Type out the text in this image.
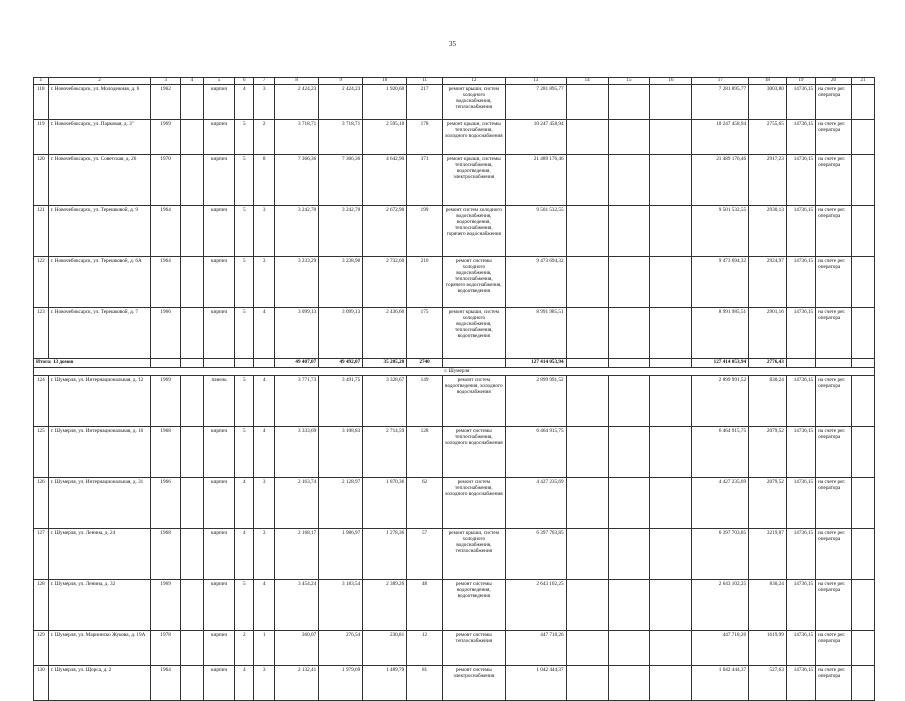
35
1	2	3	4	5	6	7	8	9	10	11	12	13	14	15	16	17	18	19	20	21
118	г. Новочебоксарск, ул. Молодежная, д. 6	1962		кирпич	4	3	2 424,23	2 424,23	1 920,60	217	ремонт крыши, систем холодного водоснабжения, теплоснабжения	7 281 895,77				7 281 895,77	3003,80	14736,15	на счете рег. оператора	
119	г. Новочебоксарск, ул. Парковая, д. 3"	1969		кирпич	5	2	3 718,71	3 718,71	2 595,10	178	ремонт крыши, системы теплоснабжения, холодного водоснабжения	10 247 458,94				10 247 458,94	2755,65	14736,15	на счете рег. оператора	
120	г. Новочебоксарск, ул. Советская, д. 26	1970		кирпич	5	8	7 366,36	7 366,36	4 642,90	371	ремонт крыши, системы теплоснабжения, водоотведения, электроснабжения	21 489 176,46				21 489 176,46	2917,23	14736,15	на счете рег. оператора	
121	г. Новочебоксарск, ул. Терешковой, д. 9	1964		кирпич	5	3	3 242,70	3 242,70	2 672,90	199	ремонт систем холодного водоснабжения, водоотведения, теплоснабжения, горячего водоснабжения	9 501 532,55				9 501 532,55	2930,13	14736,15	на счете рег. оператора	
122	г. Новочебоксарск, ул. Терешковой, д. 6А	1964		кирпич	5	3	3 233,29	3 238,90	2 732,60	210	ремонт системы холодного водоснабжения, теплоснабжения, горячего водоснабжения, водоотведения	9 473 694,32				9 473 694,32	2924,97	14736,15	на счете рег. оператора	
123	г. Новочебоксарск, ул. Терешковой, д. 7	1966		кирпич	5	4	3 099,13	3 099,13	2 436,60	175	ремонт крыши, систем холодного водоснабжения, теплоснабжения, водоотведения	8 991 985,51				8 991 985,51	2901,16	14736,15	на счете рег. оператора	
Итого: 13 домов							49 407,07	49 492,07	35 205,20	2740		127 414 053,94				127 414 053,94	2776,43			
											г. Шумерля									
124	г. Шумерля, ул. Интернациональная, д. 12	1969		панель	5	4	3 771,73	3 491,75	3 328,67	149	ремонт систем водоотведения, холодного водоснабжения	2 899 991,52				2 899 991,52	830,24	14736,15	на счете рег. оператора	
125	г. Шумерля, ул. Интернациональная, д. 16	1968		кирпич	5	4	3 333,69	3 108,83	2 714,59	128	ремонт системы теплоснабжения, холодного водоснабжения	6 464 915,75				6 464 915,75	2079,52	14736,15	на счете рег. оператора	
126	г. Шумерля, ул. Интернациональная, д. 31	1966		кирпич	4	3	2 163,74	2 128,97	1 870,36	62	ремонт систем теплоснабжения, холодного водоснабжения	4 427 235,69				4 427 235,69	2079,52	14736,15	на счете рег. оператора	
127	г. Шумерля, ул. Ленина, д. 24	1968		кирпич	4	3	2 168,17	1 986,97	1 278,36	57	ремонт крыши, систем холодного водоснабжения, теплоснабжения	6 397 703,85				6 397 703,85	3219,87	14736,15	на счете рег. оператора	
128	г. Шумерля, ул. Ленина, д. 32	1969		кирпич	5	4	3 454,24	3 183,54	2 389,26	48	ремонт системы водоотведения, водоотведения	2 643 102,25				2 643 102,25	830,24	14736,15	на счете рег. оператора	
129	г. Шумерля, ул. Мариинско Жукова, д. 19А	1978		кирпич	2	1	360,07	276,54	230,81	12	ремонт системы теплоснабжения	447 718,26				447 718,26	1619,99	14736,15	на счете рег. оператора	
130	г. Шумерля, ул. Щорса, д. 2	1964		кирпич	4	3	2 132,41	1 979,69	1 489,79	81	ремонт системы электроснабжения	1 042 444,37				1 042 444,37	527,63	14736,15	на счете рег. оператора	
